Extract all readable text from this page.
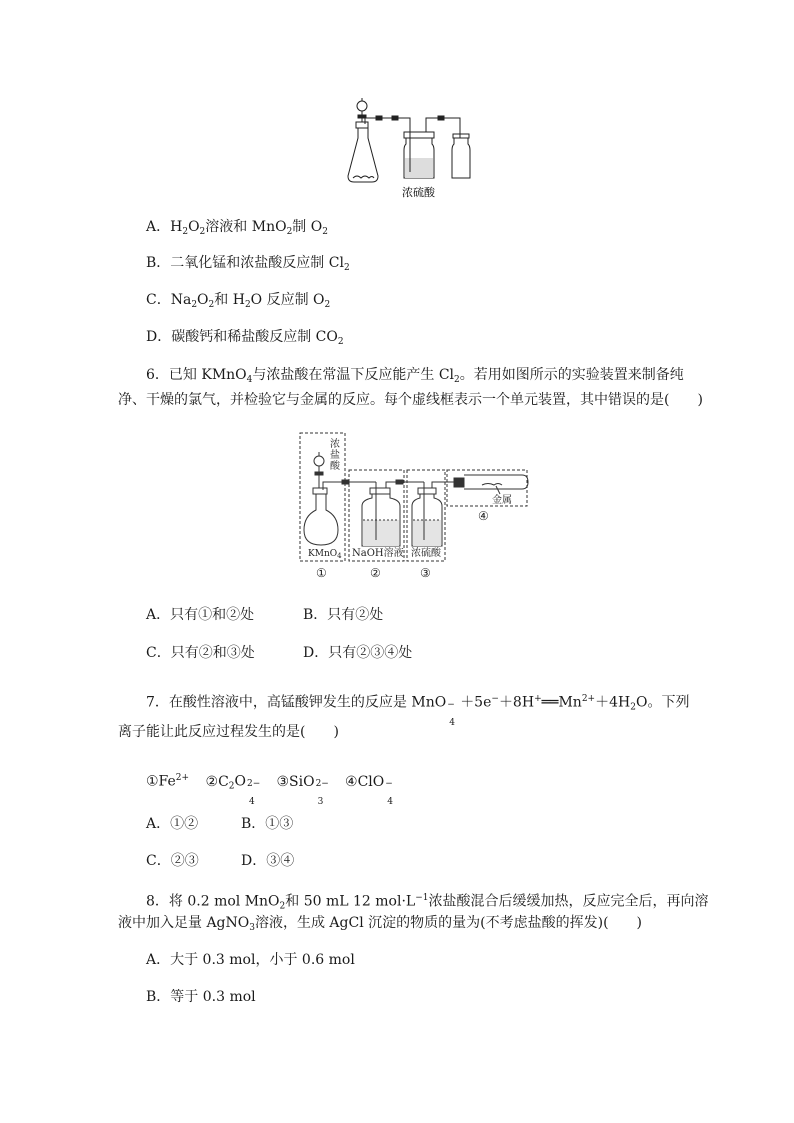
浓硫酸
A．$H_2O_2$溶液和 MnO$_2$制 $O_2$
B．二氧化锰和浓盐酸反应制 $Cl_2$
C．$Na_2O_2$和 $H_2O$ 反应制 $O_2$
D．碳酸钙和稀盐酸反应制 $CO_2$
6．已知 KMnO$_4$与浓盐酸在常温下反应能产生 $Cl_2$。若用如图所示的实验装置来制备纯
净、干燥的氯气，并检验它与金属的反应。每个虚线框表示一个单元装置，其中错误的是(　　)
浓
盐
酸
KMnO$_4$ NaOH溶液 浓硫酸
金属
①	②	③
④
A．只有①和②处	B．只有②处
C．只有②和③处	D．只有②③④处
7．在酸性溶液中，高锰酸钾发生的反应是 MnO −
4
$+5e^-+8H^+══Mn^{2+}+4H_2O$。下列
离子能让此反应过程发生的是(　　)
$①Fe^{2+}$ $②C_2O$ 2−
4
③SiO 2−
3
④ClO −
4
A．①②	B．①③
C．②③	D．③④
8．将 0.2 mol MnO$_2$和 50 mL 12 $mol\cdot L^{-1}$浓盐酸混合后缓缓加热，反应完全后，再向溶
液中加入足量 AgNO$_3$溶液，生成 AgCl 沉淀的物质的量为(不考虑盐酸的挥发)(　　)
A．大于 0.3 mol，小于 0.6 mol
B．等于 0.3 mol
